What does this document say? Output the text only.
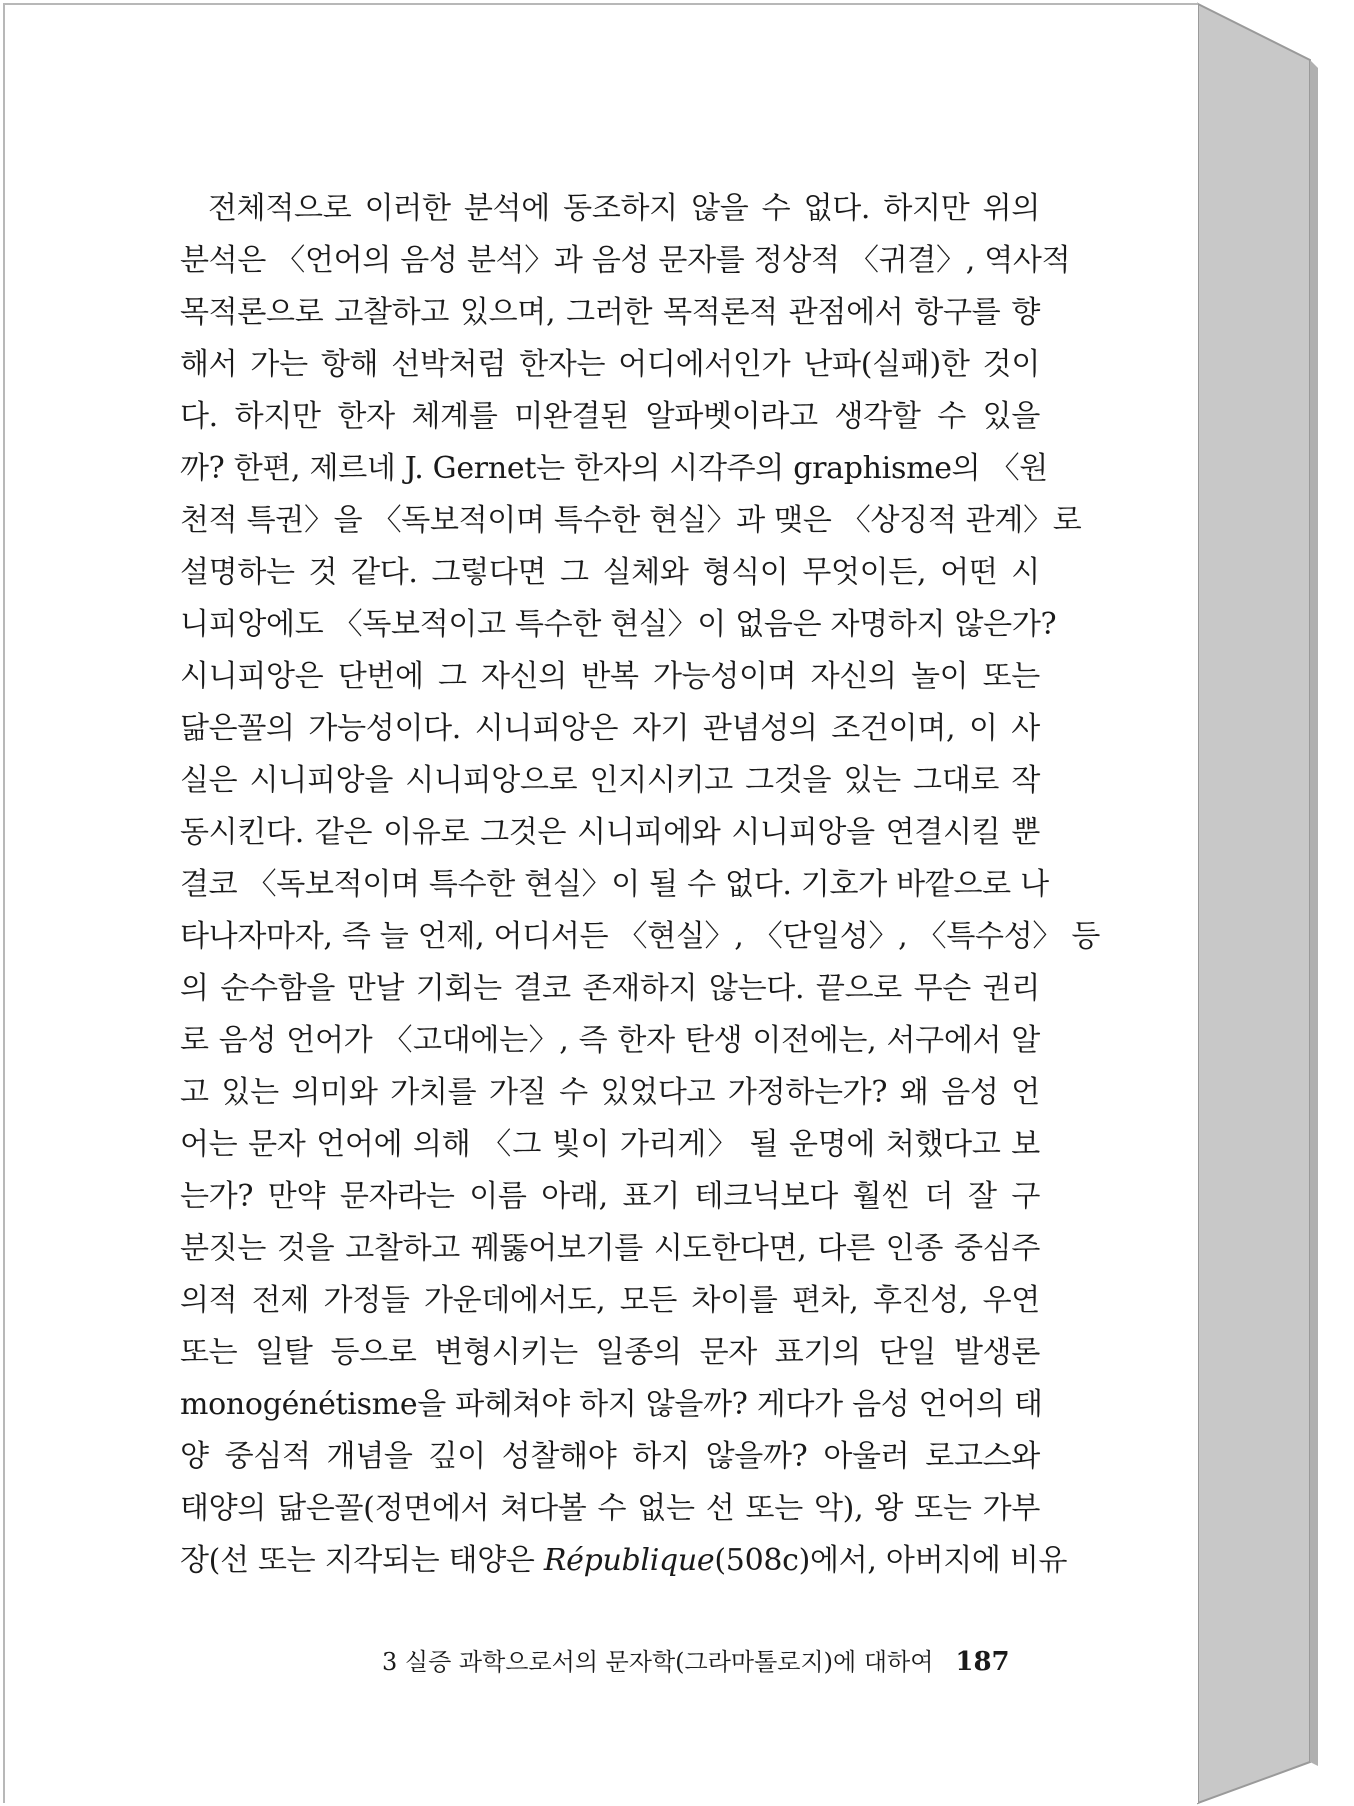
전체적으로 이러한 분석에 동조하지 않을 수 없다. 하지만 위의
분석은 〈언어의 음성 분석〉과 음성 문자를 정상적 〈귀결〉, 역사적
목적론으로 고찰하고 있으며, 그러한 목적론적 관점에서 항구를 향
해서 가는 항해 선박처럼 한자는 어디에서인가 난파(실패)한 것이
다. 하지만 한자 체계를 미완결된 알파벳이라고 생각할 수 있을
까? 한편, 제르네 J. Gernet는 한자의 시각주의 graphisme의 〈원
천적 특권〉을 〈독보적이며 특수한 현실〉과 맺은 〈상징적 관계〉로
설명하는 것 같다. 그렇다면 그 실체와 형식이 무엇이든, 어떤 시
니피앙에도 〈독보적이고 특수한 현실〉이 없음은 자명하지 않은가?
시니피앙은 단번에 그 자신의 반복 가능성이며 자신의 놀이 또는
닮은꼴의 가능성이다. 시니피앙은 자기 관념성의 조건이며, 이 사
실은 시니피앙을 시니피앙으로 인지시키고 그것을 있는 그대로 작
동시킨다. 같은 이유로 그것은 시니피에와 시니피앙을 연결시킬 뿐
결코 〈독보적이며 특수한 현실〉이 될 수 없다. 기호가 바깥으로 나
타나자마자, 즉 늘 언제, 어디서든 〈현실〉, 〈단일성〉, 〈특수성〉 등
의 순수함을 만날 기회는 결코 존재하지 않는다. 끝으로 무슨 권리
로 음성 언어가 〈고대에는〉, 즉 한자 탄생 이전에는, 서구에서 알
고 있는 의미와 가치를 가질 수 있었다고 가정하는가? 왜 음성 언
어는 문자 언어에 의해 〈그 빛이 가리게〉 될 운명에 처했다고 보
는가? 만약 문자라는 이름 아래, 표기 테크닉보다 훨씬 더 잘 구
분짓는 것을 고찰하고 꿰뚫어보기를 시도한다면, 다른 인종 중심주
의적 전제 가정들 가운데에서도, 모든 차이를 편차, 후진성, 우연
또는 일탈 등으로 변형시키는 일종의 문자 표기의 단일 발생론
monogénétisme을 파헤쳐야 하지 않을까? 게다가 음성 언어의 태
양 중심적 개념을 깊이 성찰해야 하지 않을까? 아울러 로고스와
태양의 닮은꼴(정면에서 쳐다볼 수 없는 선 또는 악), 왕 또는 가부
장(선 또는 지각되는 태양은 République(508c)에서, 아버지에 비유
3 실증 과학으로서의 문자학(그라마톨로지)에 대하여 187
